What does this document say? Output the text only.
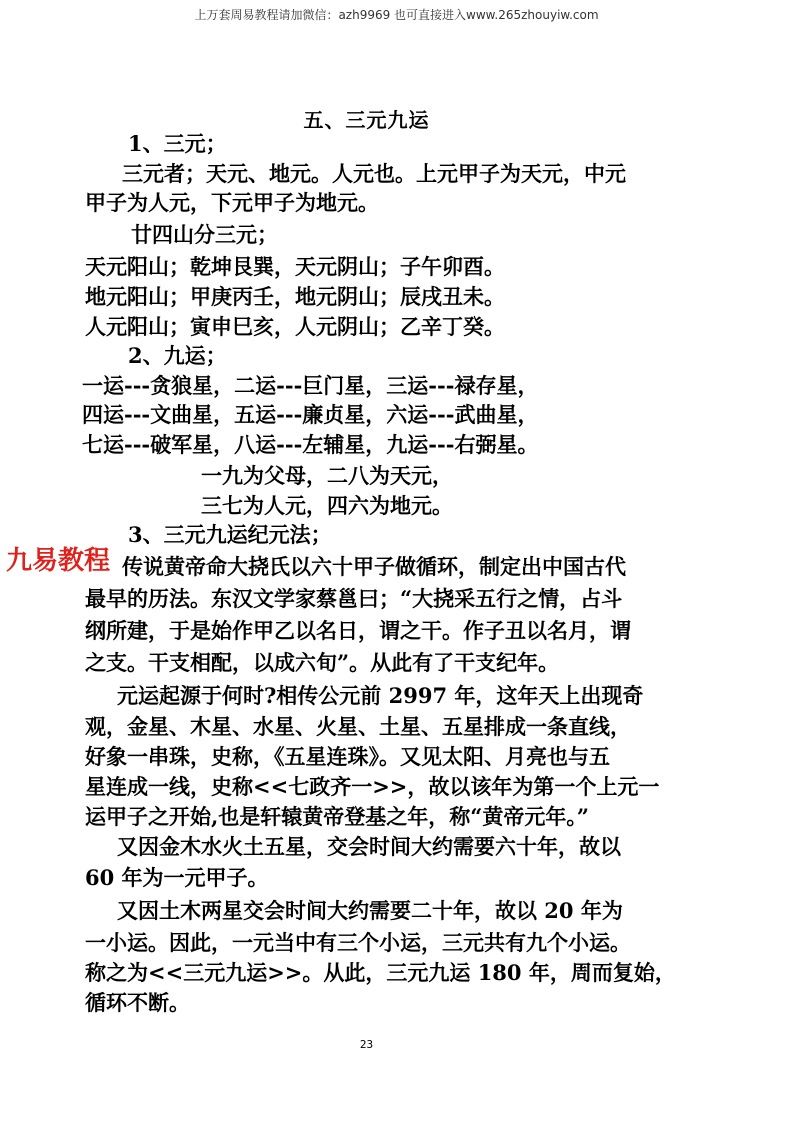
上万套周易教程请加微信：azh9969 也可直接进入www.265zhouyiw.com
五、三元九运
1、三元；
三元者；天元、地元。人元也。上元甲子为天元，中元
甲子为人元，下元甲子为地元。
廿四山分三元；
天元阳山；乾坤艮巽，天元阴山；子午卯酉。
地元阳山；甲庚丙壬，地元阴山；辰戌丑未。
人元阳山；寅申巳亥，人元阴山；乙辛丁癸。
2、九运；
一运---贪狼星，二运---巨门星，三运---禄存星，
四运---文曲星，五运---廉贞星，六运---武曲星，
七运---破军星，八运---左辅星，九运---右弼星。
一九为父母，二八为天元，
三七为人元，四六为地元。
3、三元九运纪元法；
传说黄帝命大挠氏以六十甲子做循环，制定出中国古代
最早的历法。东汉文学家蔡邕曰；“大挠采五行之情，占斗
纲所建，于是始作甲乙以名日，谓之干。作子丑以名月，谓
之支。干支相配，以成六旬”。从此有了干支纪年。
元运起源于何时?相传公元前 2997 年，这年天上出现奇
观，金星、木星、水星、火星、土星、五星排成一条直线，
好象一串珠，史称，《五星连珠》。又见太阳、月亮也与五
星连成一线，史称<<七政齐一>>，故以该年为第一个上元一
运甲子之开始,也是轩辕黄帝登基之年，称“黄帝元年。”
又因金木水火土五星，交会时间大约需要六十年，故以
60 年为一元甲子。
又因土木两星交会时间大约需要二十年，故以 20 年为
一小运。因此，一元当中有三个小运，三元共有九个小运。
称之为<<三元九运>>。从此，三元九运 180 年，周而复始，
循环不断。
九易教程
23
